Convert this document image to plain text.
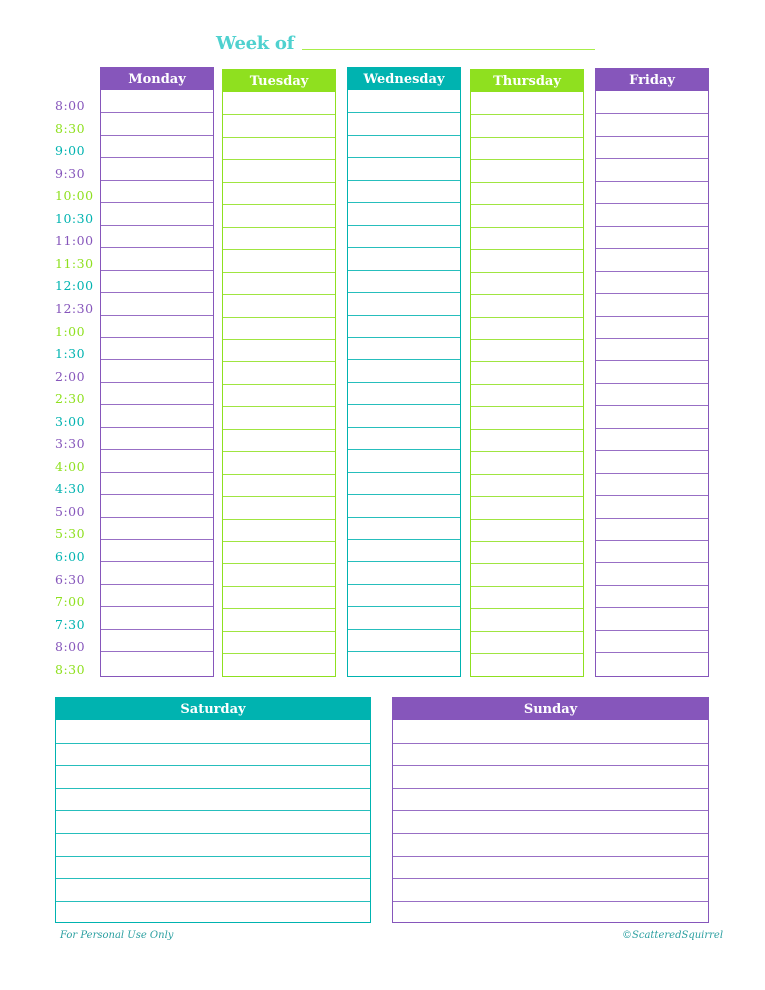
Week of
8:00
8:30
9:00
9:30
10:00
10:30
11:00
11:30
12:00
12:30
1:00
1:30
2:00
2:30
3:00
3:30
4:00
4:30
5:00
5:30
6:00
6:30
7:00
7:30
8:00
8:30
Monday	Tuesday	Wednesday	Thursday	Friday
Saturday	Sunday
For Personal Use Only	©ScatteredSquirrel
